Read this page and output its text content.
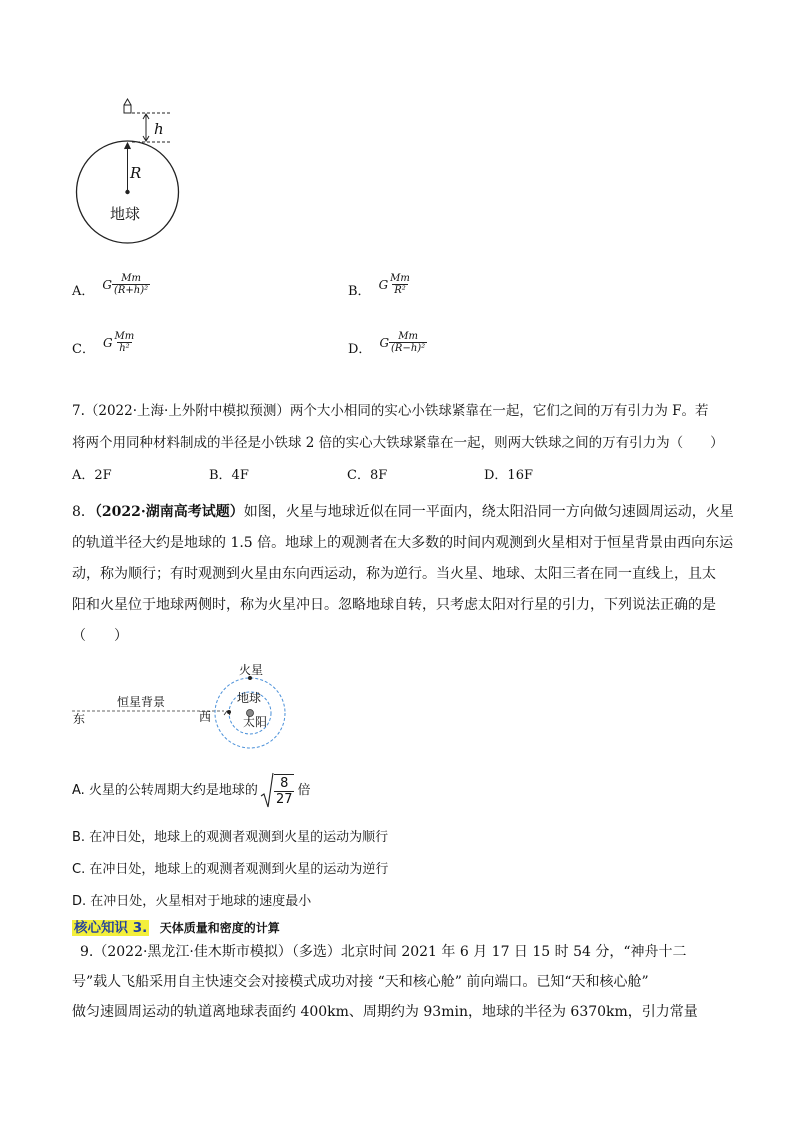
h
R
地球
A． G $\frac{Mm}{\text{(R+h)²}}$	B． G $\frac{Mm}{\text{R²}}$
C． G $\frac{Mm}{\text{h²}}$	D． G $\frac{Mm}{\text{(R−h)²}}$
7.（2022·上海·上外附中模拟预测）两个大小相同的实心小铁球紧靠在一起，它们之间的万有引力为 F。若
将两个用同种材料制成的半径是小铁球 2 倍的实心大铁球紧靠在一起，则两大铁球之间的万有引力为（　　）
A．2F	B．4F	C．8F	D．16F
8．（2022·湖南高考试题）如图，火星与地球近似在同一平面内，绕太阳沿同一方向做匀速圆周运动，火星
的轨道半径大约是地球的 1.5 倍。地球上的观测者在大多数的时间内观测到火星相对于恒星背景由西向东运
动，称为顺行；有时观测到火星由东向西运动，称为逆行。当火星、地球、太阳三者在同一直线上，且太
阳和火星位于地球两侧时，称为火星冲日。忽略地球自转，只考虑太阳对行星的引力，下列说法正确的是
（　　）
火星
地球
太阳
恒星背景
东	西
A. 火星的公转周期大约是地球的 $\frac{8}{27}$ 倍
B. 在冲日处，地球上的观测者观测到火星的运动为顺行
C. 在冲日处，地球上的观测者观测到火星的运动为逆行
D. 在冲日处，火星相对于地球的速度最小
核心知识 3. 天体质量和密度的计算
9.（2022·黑龙江·佳木斯市模拟）（多选）北京时间 2021 年 6 月 17 日 15 时 54 分，“神舟十二
号”载人飞船采用自主快速交会对接模式成功对接 “天和核心舱” 前向端口。已知“天和核心舱”
做匀速圆周运动的轨道离地球表面约 400km、周期约为 93min，地球的半径为 6370km，引力常量
